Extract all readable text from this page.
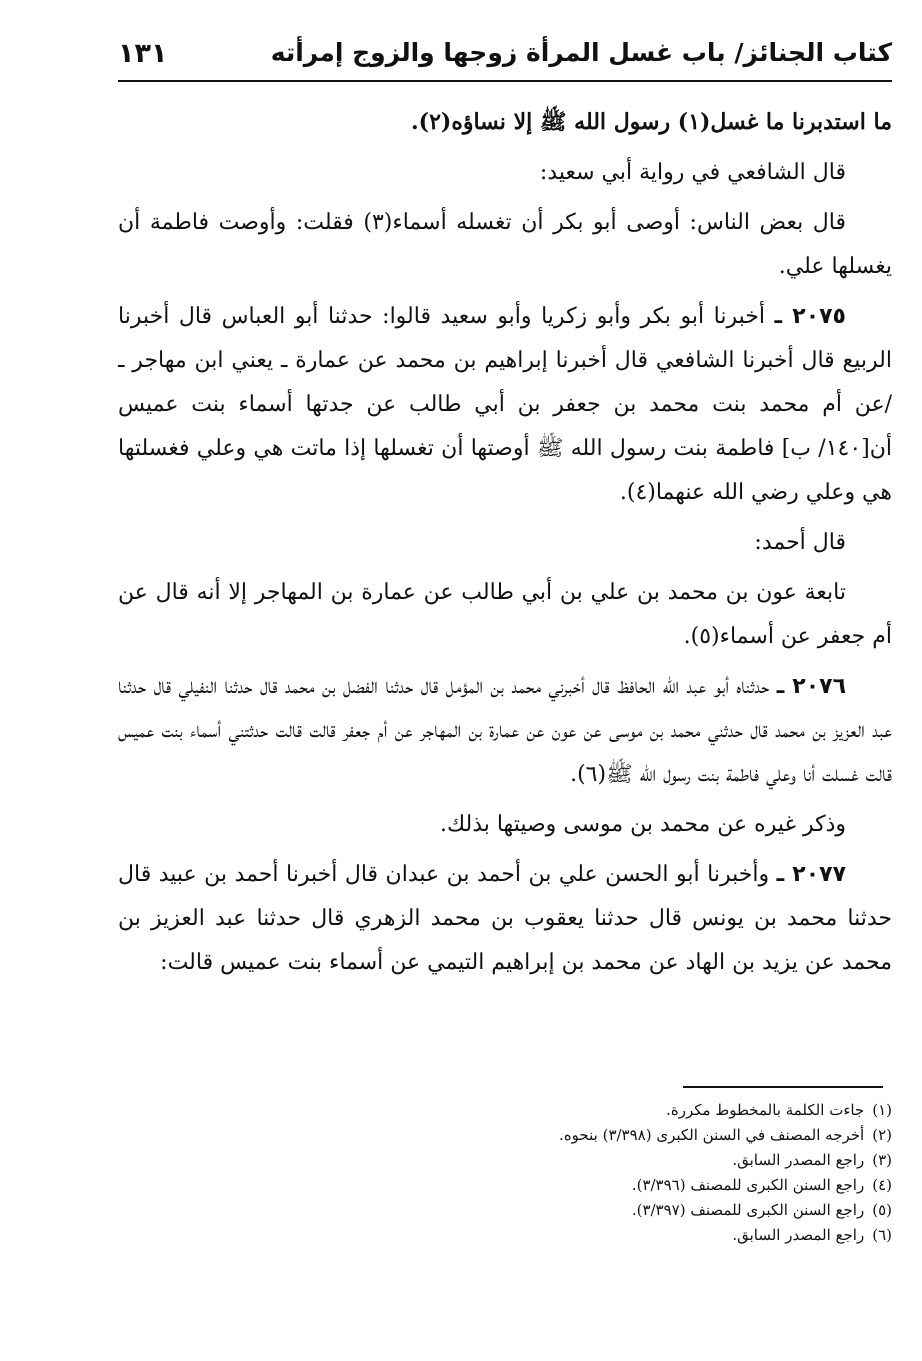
كتاب الجنائز/ باب غسل المرأة زوجها والزوج إمرأته
١٣١

ما استدبرنا ما غسل(١) رسول الله ﷺ إلا نساؤه(٢).

قال الشافعي في رواية أبي سعيد:

قال بعض الناس: أوصى أبو بكر أن تغسله أسماء(٣) فقلت: وأوصت فاطمة أن يغسلها علي.

٢٠٧٥ ـ أخبرنا أبو بكر وأبو زكريا وأبو سعيد قالوا: حدثنا أبو العباس قال أخبرنا الربيع قال أخبرنا الشافعي قال أخبرنا إبراهيم بن محمد عن عمارة ـ يعني ابن مهاجر ـ /عن أم محمد بنت محمد بن جعفر بن أبي طالب عن جدتها أسماء بنت عميس أن[١٤٠/ ب] فاطمة بنت رسول الله ﷺ أوصتها أن تغسلها إذا ماتت هي وعلي فغسلتها هي وعلي رضي الله عنهما(٤).

قال أحمد:

تابعة عون بن محمد بن علي بن أبي طالب عن عمارة بن المهاجر إلا أنه قال عن أم جعفر عن أسماء(٥).

٢٠٧٦ ـ حدثناه أبو عبد الله الحافظ قال أخبرني محمد بن المؤمل قال حدثنا الفضل بن محمد قال حدثنا النفيلي قال حدثنا عبد العزيز بن محمد قال حدثني محمد بن موسى عن عون عن عمارة بن المهاجر عن أم جعفر قالت قالت حدثتني أسماء بنت عميس قالت غسلت أنا وعلي فاطمة بنت رسول الله ﷺ(٦).

وذكر غيره عن محمد بن موسى وصيتها بذلك.

٢٠٧٧ ـ وأخبرنا أبو الحسن علي بن أحمد بن عبدان قال أخبرنا أحمد بن عبيد قال حدثنا محمد بن يونس قال حدثنا يعقوب بن محمد الزهري قال حدثنا عبد العزيز بن محمد عن يزيد بن الهاد عن محمد بن إبراهيم التيمي عن أسماء بنت عميس قالت:

(١)جاءت الكلمة بالمخطوط مكررة.
(٢)أخرجه المصنف في السنن الكبرى (٣/٣٩٨) بنحوه.
(٣)راجع المصدر السابق.
(٤)راجع السنن الكبرى للمصنف (٣/٣٩٦).
(٥)راجع السنن الكبرى للمصنف (٣/٣٩٧).
(٦)راجع المصدر السابق.
